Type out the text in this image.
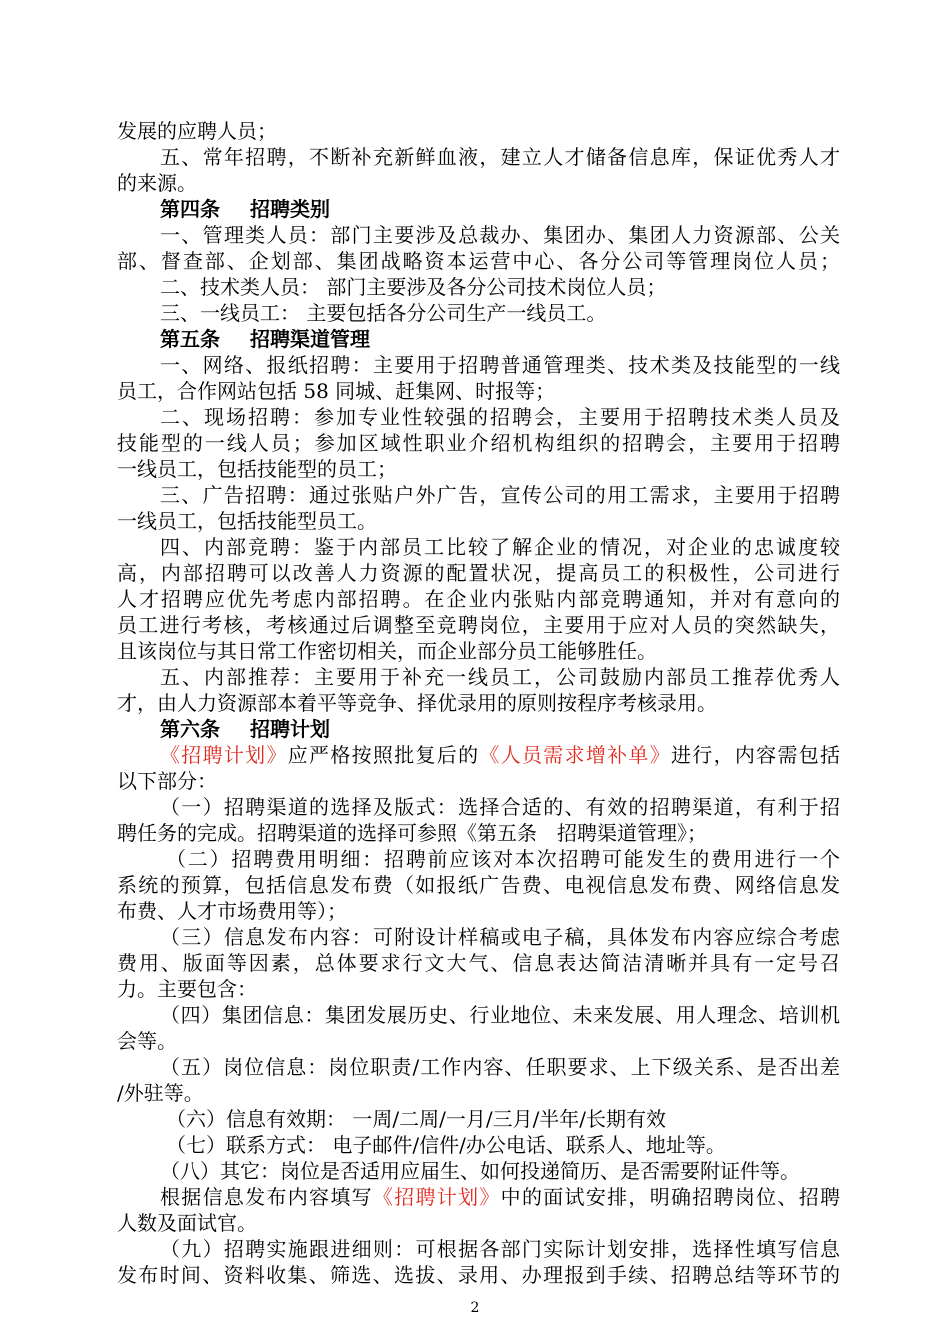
发展的应聘人员；
五、常年招聘，不断补充新鲜血液，建立人才储备信息库，保证优秀人才
的来源。
第四条 招聘类别
一、管理类人员：部门主要涉及总裁办、集团办、集团人力资源部、公关
部、督查部、企划部、集团战略资本运营中心、各分公司等管理岗位人员；
二、技术类人员： 部门主要涉及各分公司技术岗位人员；
三、一线员工： 主要包括各分公司生产一线员工。
第五条 招聘渠道管理
一、网络、报纸招聘：主要用于招聘普通管理类、技术类及技能型的一线
员工，合作网站包括 58 同城、赶集网、时报等；
二、现场招聘：参加专业性较强的招聘会，主要用于招聘技术类人员及
技能型的一线人员；参加区域性职业介绍机构组织的招聘会，主要用于招聘
一线员工，包括技能型的员工；
三、广告招聘：通过张贴户外广告，宣传公司的用工需求，主要用于招聘
一线员工，包括技能型员工。
四、内部竞聘：鉴于内部员工比较了解企业的情况，对企业的忠诚度较
高，内部招聘可以改善人力资源的配置状况，提高员工的积极性，公司进行
人才招聘应优先考虑内部招聘。在企业内张贴内部竞聘通知，并对有意向的
员工进行考核，考核通过后调整至竞聘岗位，主要用于应对人员的突然缺失，
且该岗位与其日常工作密切相关，而企业部分员工能够胜任。
五、内部推荐：主要用于补充一线员工，公司鼓励内部员工推荐优秀人
才，由人力资源部本着平等竞争、择优录用的原则按程序考核录用。
第六条 招聘计划
《招聘计划》应严格按照批复后的《人员需求增补单》进行，内容需包括
以下部分：
（一）招聘渠道的选择及版式：选择合适的、有效的招聘渠道，有利于招
聘任务的完成。招聘渠道的选择可参照《第五条　招聘渠道管理》；
（二）招聘费用明细：招聘前应该对本次招聘可能发生的费用进行一个
系统的预算，包括信息发布费（如报纸广告费、电视信息发布费、网络信息发
布费、人才市场费用等）；
（三）信息发布内容：可附设计样稿或电子稿，具体发布内容应综合考虑
费用、版面等因素，总体要求行文大气、信息表达简洁清晰并具有一定号召
力。主要包含：
（四）集团信息：集团发展历史、行业地位、未来发展、用人理念、培训机
会等。
（五）岗位信息：岗位职责/工作内容、任职要求、上下级关系、是否出差
/外驻等。
（六）信息有效期： 一周/二周/一月/三月/半年/长期有效
（七）联系方式： 电子邮件/信件/办公电话、联系人、地址等。
（八）其它：岗位是否适用应届生、如何投递简历、是否需要附证件等。
根据信息发布内容填写《招聘计划》中的面试安排，明确招聘岗位、招聘
人数及面试官。
（九）招聘实施跟进细则：可根据各部门实际计划安排，选择性填写信息
发布时间、资料收集、筛选、选拔、录用、办理报到手续、招聘总结等环节的
2
